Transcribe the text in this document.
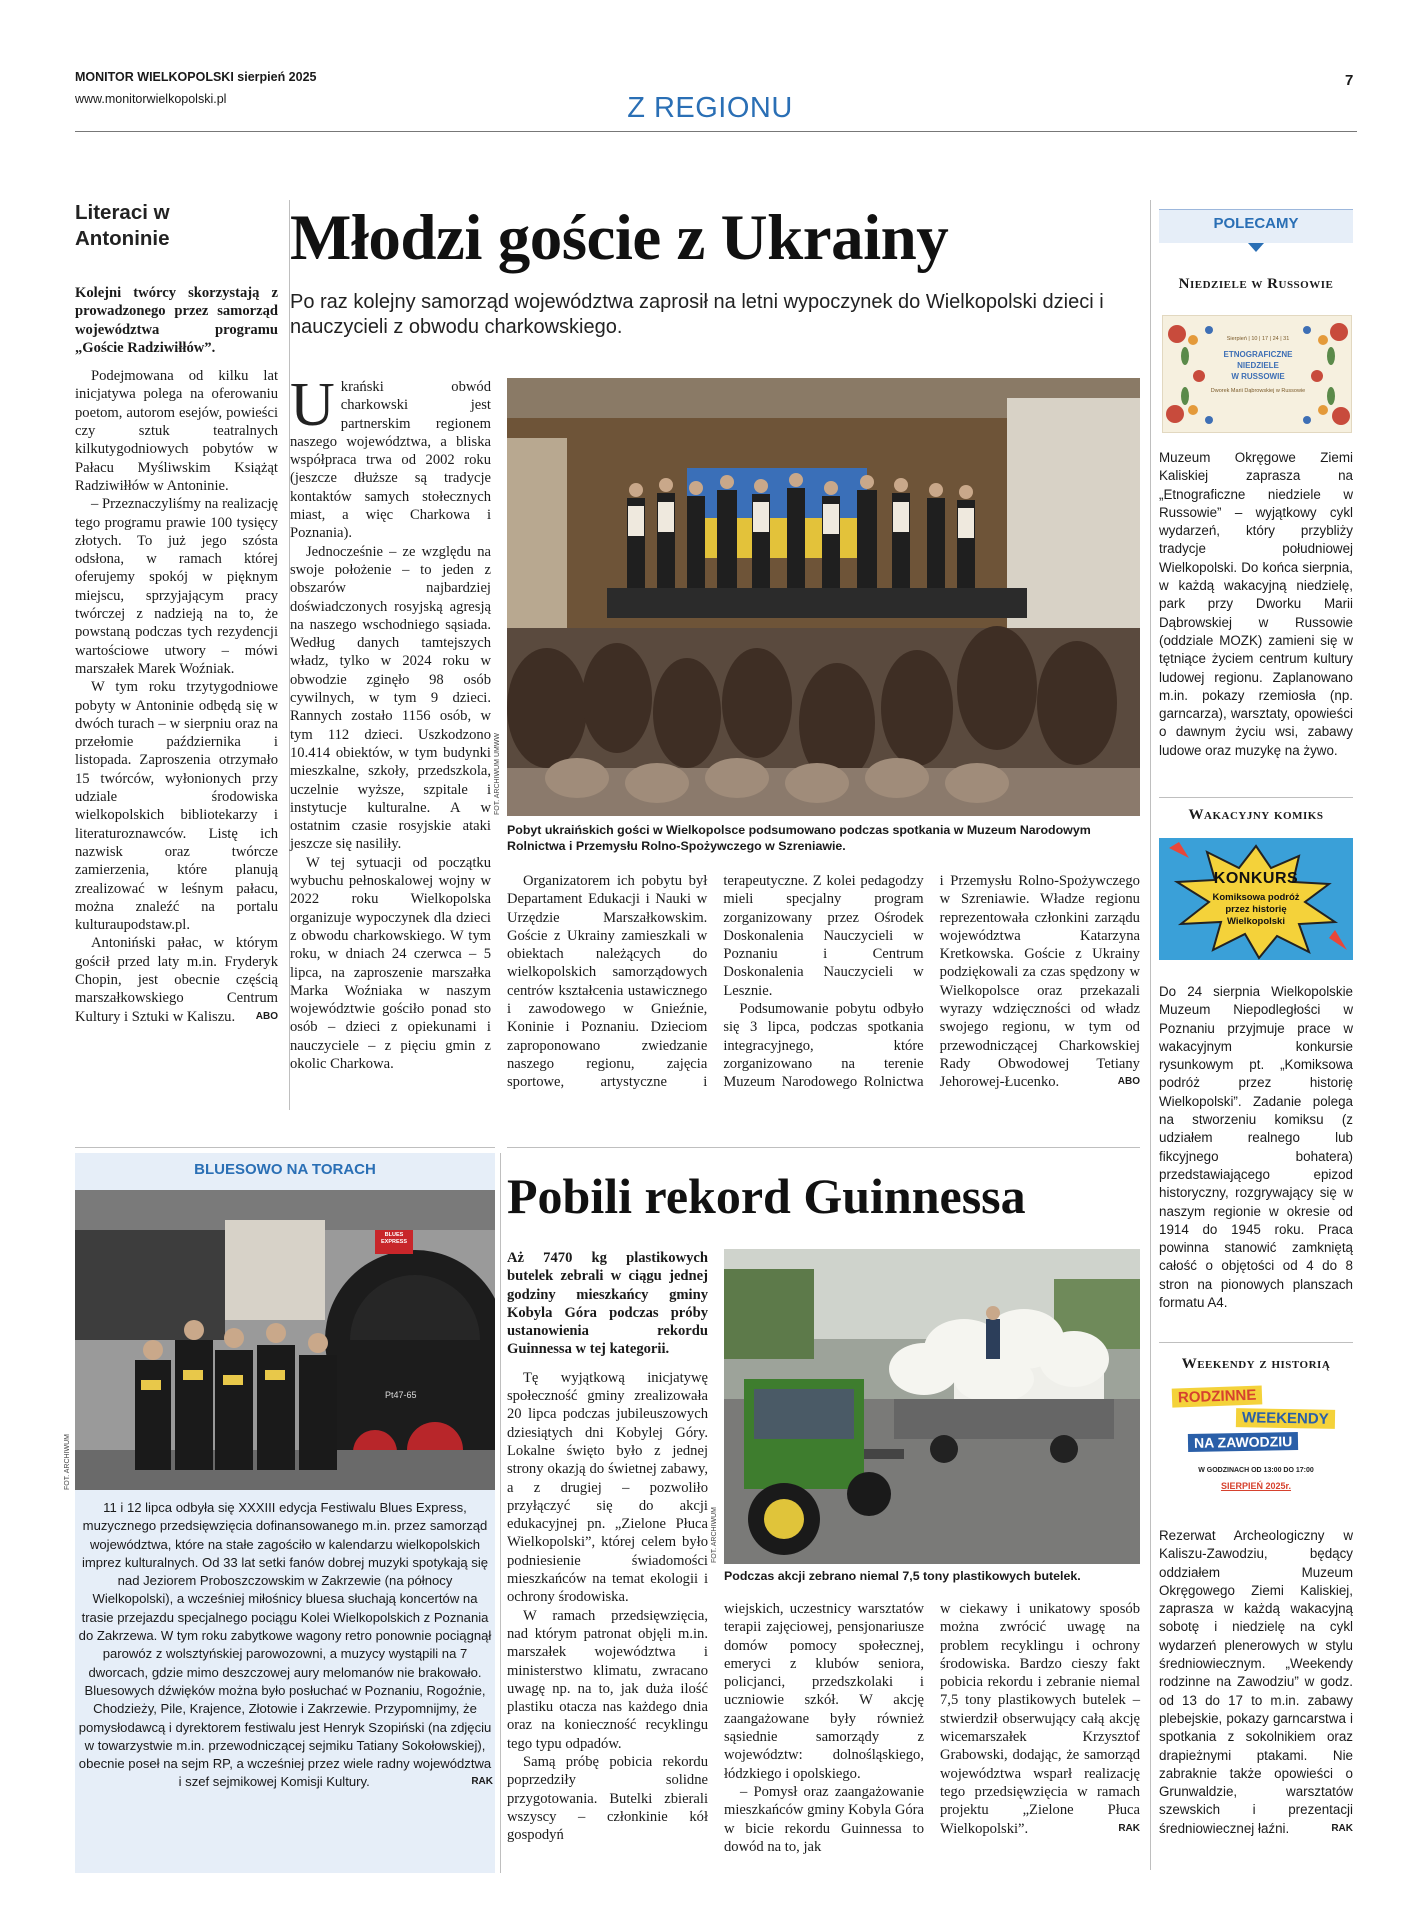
MONITOR WIELKOPOLSKI sierpień 2025
www.monitorwielkopolski.pl	Z REGIONU
7
Literaci w Antoninie

Kolejni twórcy skorzystają z prowadzonego przez samorząd województwa programu „Goście Radziwiłłów”.

Podejmowana od kilku lat inicjatywa polega na oferowaniu poetom, autorom esejów, powieści czy sztuk teatralnych kilkutygodniowych pobytów w Pałacu Myśliwskim Książąt Radziwiłłów w Antoninie.

– Przeznaczyliśmy na realizację tego programu prawie 100 tysięcy złotych. To już jego szósta odsłona, w ramach której oferujemy spokój w pięknym miejscu, sprzyjającym pracy twórczej z nadzieją na to, że powstaną podczas tych rezydencji wartościowe utwory – mówi marszałek Marek Woźniak.

W tym roku trzytygodniowe pobyty w Antoninie odbędą się w dwóch turach – w sierpniu oraz na przełomie października i listopada. Zaproszenia otrzymało 15 twórców, wyłonionych przy udziale środowiska wielkopolskich bibliotekarzy i literaturoznawców. Listę ich nazwisk oraz twórcze zamierzenia, które planują zrealizować w leśnym pałacu, można znaleźć na portalu kulturaupodstaw.pl.

Antoniński pałac, w którym gościł przed laty m.in. Fryderyk Chopin, jest obecnie częścią marszałkowskiego Centrum Kultury i Sztuki w Kaliszu.	ABO

Młodzi goście z Ukrainy
Po raz kolejny samorząd województwa zaprosił na letni wypoczynek do Wielkopolski dzieci i nauczycieli z obwodu charkowskiego.

Ukrański obwód charkowski jest partnerskim regionem naszego województwa, a bliska współpraca trwa od 2002 roku (jeszcze dłuższe są tradycje kontaktów samych stołecznych miast, a więc Charkowa i Poznania).

Jednocześnie – ze względu na swoje położenie – to jeden z obszarów najbardziej doświadczonych rosyjską agresją na naszego wschodniego sąsiada. Według danych tamtejszych władz, tylko w 2024 roku w obwodzie zginęło 98 osób cywilnych, w tym 9 dzieci. Rannych zostało 1156 osób, w tym 112 dzieci. Uszkodzono 10.414 obiektów, w tym budynki mieszkalne, szkoły, przedszkola, uczelnie wyższe, szpitale i instytucje kulturalne. A w ostatnim czasie rosyjskie ataki jeszcze się nasiliły.

W tej sytuacji od początku wybuchu pełnoskalowej wojny w 2022 roku Wielkopolska organizuje wypoczynek dla dzieci z obwodu charkowskiego. W tym roku, w dniach 24 czerwca – 5 lipca, na zaproszenie marszałka Marka Woźniaka w naszym województwie gościło ponad sto osób – dzieci z opiekunami i nauczyciele – z pięciu gmin z okolic Charkowa.

FOT. ARCHIWUM UMWW
Pobyt ukraińskich gości w Wielkopolsce podsumowano podczas spotkania w Muzeum Narodowym Rolnictwa i Przemysłu Rolno-Spożywczego w Szreniawie.

Organizatorem ich pobytu był Departament Edukacji i Nauki w Urzędzie Marszałkowskim. Goście z Ukrainy zamieszkali w obiektach należących do wielkopolskich samorządowych centrów kształcenia ustawicznego i zawodowego w Gnieźnie, Koninie i Poznaniu. Dzieciom zaproponowano zwiedzanie naszego regionu, zajęcia sportowe, artystyczne i terapeutyczne. Z kolei pedagodzy mieli specjalny program zorganizowany przez Ośrodek Doskonalenia Nauczycieli w Poznaniu i Centrum Doskonalenia Nauczycieli w Lesznie.

Podsumowanie pobytu odbyło się 3 lipca, podczas spotkania integracyjnego, które zorganizowano na terenie Muzeum Narodowego Rolnictwa i Przemysłu Rolno-Spożywczego w Szreniawie. Władze regionu reprezentowała członkini zarządu województwa Katarzyna Kretkowska. Goście z Ukrainy podziękowali za czas spędzony w Wielkopolsce oraz przekazali wyrazy wdzięczności od władz swojego regionu, w tym od przewodniczącej Charkowskiej Rady Obwodowej Tetiany Jehorowej-Łucenko.	ABO

POLECAMY
Niedziele w Russowie
Sierpień | 10 | 17 | 24 | 31
ETNOGRAFICZNE
NIEDZIELE
W RUSSOWIE
Dworek Marii Dąbrowskiej w Russowie
Muzeum Okręgowe Ziemi Kaliskiej zaprasza na „Etnograficzne niedziele w Russowie” – wyjątkowy cykl wydarzeń, który przybliży tradycje południowej Wielkopolski. Do końca sierpnia, w każdą wakacyjną niedzielę, park przy Dworku Marii Dąbrowskiej w Russowie (oddziale MOZK) zamieni się w tętniące życiem centrum kultury ludowej regionu. Zaplanowano m.in. pokazy rzemiosła (np. garncarza), warsztaty, opowieści o dawnym życiu wsi, zabawy ludowe oraz muzykę na żywo.
Wakacyjny komiks
KONKURS
Komiksowa podróż przez historię Wielkopolski
Do 24 sierpnia Wielkopolskie Muzeum Niepodległości w Poznaniu przyjmuje prace w wakacyjnym konkursie rysunkowym pt. „Komiksowa podróż przez historię Wielkopolski”. Zadanie polega na stworzeniu komiksu (z udziałem realnego lub fikcyjnego bohatera) przedstawiającego epizod historyczny, rozgrywający się w naszym regionie w okresie od 1914 do 1945 roku. Praca powinna stanowić zamkniętą całość o objętości od 4 do 8 stron na pionowych planszach formatu A4.
Weekendy z historią
RODZINNE
WEEKENDY
NA ZAWODZIU
W GODZINACH OD 13:00 DO 17:00
SIERPIEŃ 2025r.
Rezerwat Archeologiczny w Kaliszu-Zawodziu, będący oddziałem Muzeum Okręgowego Ziemi Kaliskiej, zaprasza w każdą wakacyjną sobotę i niedzielę na cykl wydarzeń plenerowych w stylu średniowiecznym. „Weekendy rodzinne na Zawodziu” w godz. od 13 do 17 to m.in. zabawy plebejskie, pokazy garncarstwa i spotkania z sokolnikiem oraz drapieżnymi ptakami. Nie zabraknie także opowieści o Grunwaldzie, warsztatów szewskich i prezentacji średniowiecznej łaźni.	RAK
BLUESOWO NA TORACH
BLUES EXPRESS
Pt47-65
FOT. ARCHIWUM
11 i 12 lipca odbyła się XXXIII edycja Festiwalu Blues Express, muzycznego przedsięwzięcia dofinansowanego m.in. przez samorząd województwa, które na stałe zagościło w kalendarzu wielkopolskich imprez kulturalnych. Od 33 lat setki fanów dobrej muzyki spotykają się nad Jeziorem Proboszczowskim w Zakrzewie (na północy Wielkopolski), a wcześniej miłośnicy bluesa słuchają koncertów na trasie przejazdu specjalnego pociągu Kolei Wielkopolskich z Poznania do Zakrzewa. W tym roku zabytkowe wagony retro ponownie pociągnął parowóz z wolsztyńskiej parowozowni, a muzycy wystąpili na 7 dworcach, gdzie mimo deszczowej aury melomanów nie brakowało. Bluesowych dźwięków można było posłuchać w Poznaniu, Rogoźnie, Chodzieży, Pile, Krajence, Złotowie i Zakrzewie. Przypomnijmy, że pomysłodawcą i dyrektorem festiwalu jest Henryk Szopiński (na zdjęciu w towarzystwie m.in. przewodniczącej sejmiku Tatiany Sokołowskiej), obecnie poseł na sejm RP, a wcześniej przez wiele radny województwa i szef sejmikowej Komisji Kultury.	RAK
Pobili rekord Guinnessa

Aż 7470 kg plastikowych butelek zebrali w ciągu jednej godziny mieszkańcy gminy Kobyla Góra podczas próby ustanowienia rekordu Guinnessa w tej kategorii.

Tę wyjątkową inicjatywę społeczność gminy zrealizowała 20 lipca podczas jubileuszowych dziesiątych dni Kobylej Góry. Lokalne święto było z jednej strony okazją do świetnej zabawy, a z drugiej – pozwoliło przyłączyć się do akcji edukacyjnej pn. „Zielone Płuca Wielkopolski”, której celem było podniesienie świadomości mieszkańców na temat ekologii i ochrony środowiska.

W ramach przedsięwzięcia, nad którym patronat objęli m.in. marszałek województwa i ministerstwo klimatu, zwracano uwagę np. na to, jak duża ilość plastiku otacza nas każdego dnia oraz na konieczność recyklingu tego typu odpadów.

Samą próbę pobicia rekordu poprzedziły solidne przygotowania. Butelki zbierali wszyscy – członkinie kół gospodyń

FOT. ARCHIWUM
Podczas akcji zebrano niemal 7,5 tony plastikowych butelek.

wiejskich, uczestnicy warsztatów terapii zajęciowej, pensjonariusze domów pomocy społecznej, emeryci z klubów seniora, policjanci, przedszkolaki i uczniowie szkół. W akcję zaangażowane były również sąsiednie samorządy z województw: dolnośląskiego, łódzkiego i opolskiego.

– Pomysł oraz zaangażowanie mieszkańców gminy Kobyla Góra w bicie rekordu Guinnessa to dowód na to, jak

w ciekawy i unikatowy sposób można zwrócić uwagę na problem recyklingu i ochrony środowiska. Bardzo cieszy fakt pobicia rekordu i zebranie niemal 7,5 tony plastikowych butelek – stwierdził obserwujący całą akcję wicemarszałek Krzysztof Grabowski, dodając, że samorząd województwa wsparł realizację tego przedsięwzięcia w ramach projektu „Zielone Płuca Wielkopolski”.	RAK
